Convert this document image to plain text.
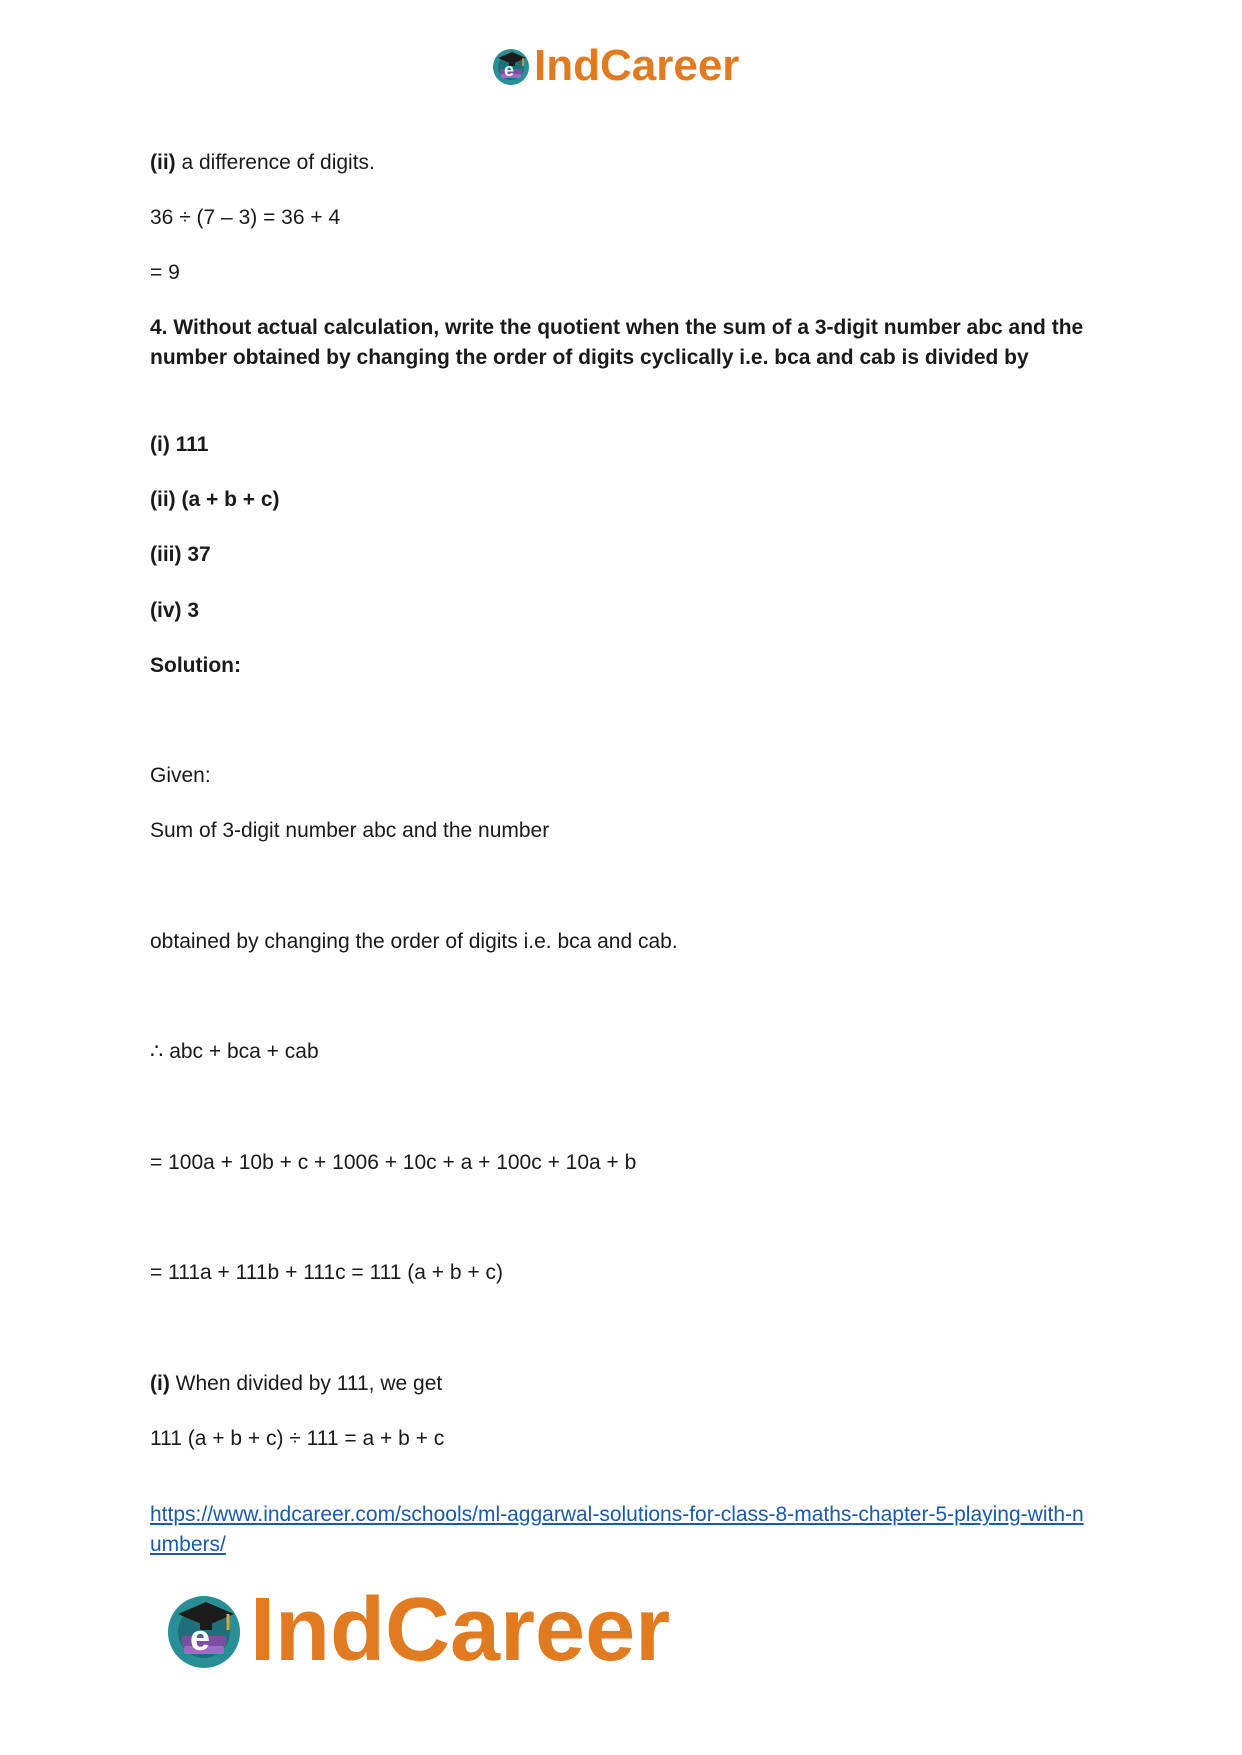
e IndCareer

(ii) a difference of digits.

36 ÷ (7 – 3) = 36 + 4

= 9

4. Without actual calculation, write the quotient when the sum of a 3-digit number abc and the number obtained by changing the order of digits cyclically i.e. bca and cab is divided by

(i) 111

(ii) (a + b + c)

(iii) 37

(iv) 3

Solution:

Given:

Sum of 3-digit number abc and the number

obtained by changing the order of digits i.e. bca and cab.

∴ abc + bca + cab

= 100a + 10b + c + 1006 + 10c + a + 100c + 10a + b

= 111a + 111b + 111c = 111 (a + b + c)

(i) When divided by 111, we get

111 (a + b + c) ÷ 111 = a + b + c

https://www.indcareer.com/schools/ml-aggarwal-solutions-for-class-8-maths-chapter-5-playing-with-numbers/
e IndCareer
